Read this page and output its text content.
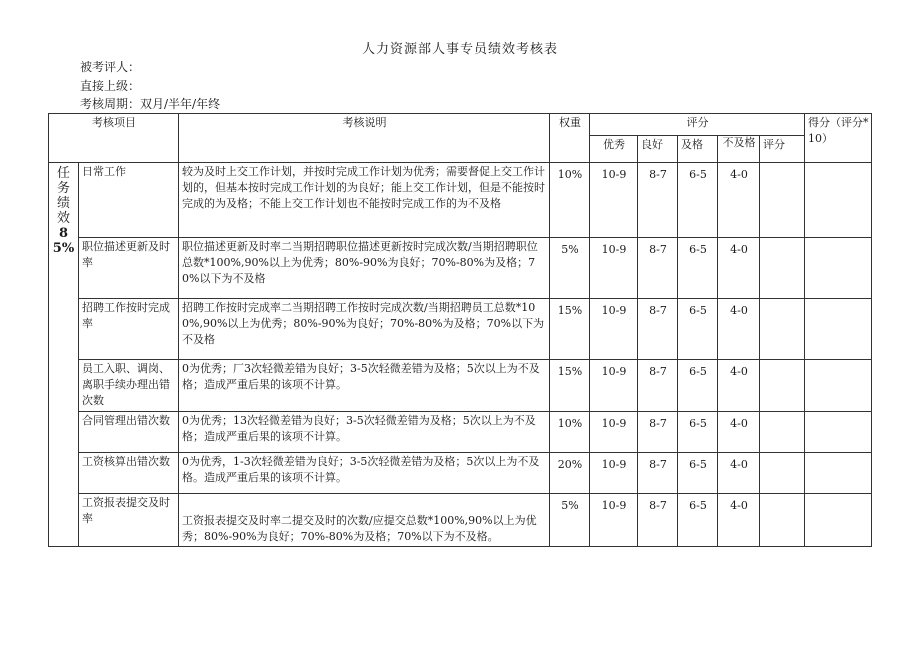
人力资源部人事专员绩效考核表
被考评人：
直接上级：
考核周期：双月/半年/年终
考核项目		考核说明	权重	评分					得分（评分*10）
				优秀	良好	及格	不及格	评分	

任
务
绩
效
85%	日常工作	较为及时上交工作计划，并按时完成工作计划为优秀；需要督促上交工作计划的，但基本按时完成工作计划的为良好；能上交工作计划，但是不能按时完成的为及格；不能上交工作计划也不能按时完成工作的为不及格	10%	10-9	8-7	6-5	4-0		
	职位描述更新及时率	职位描述更新及时率二当期招聘职位描述更新按时完成次数/当期招聘职位总数*100%,90%以上为优秀；80%-90%为良好；70%-80%为及格；70%以下为不及格	5%	10-9	8-7	6-5	4-0		
	招聘工作按时完成率	招聘工作按时完成率二当期招聘工作按时完成次数/当期招聘员工总数*100%,90%以上为优秀；80%-90%为良好；70%-80%为及格；70%以下为不及格	15%	10-9	8-7	6-5	4-0		
	员工入职、调岗、离职手续办理出错次数	0为优秀；厂3次轻微差错为良好；3-5次轻微差错为及格；5次以上为不及格；造成严重后果的该项不计算。	15%	10-9	8-7	6-5	4-0		
	合同管理出错次数	0为优秀；13次轻微差错为良好；3-5次轻微差错为及格；5次以上为不及格；造成严重后果的该项不计算。	10%	10-9	8-7	6-5	4-0		
	工资核算出错次数	0为优秀，1-3次轻微差错为良好；3-5次轻微差错为及格；5次以上为不及格。造成严重后果的该项不计算。	20%	10-9	8-7	6-5	4-0		
	工资报表提交及时率	工资报表提交及时率二提交及时的次数/应提交总数*100%,90%以上为优秀；80%-90%为良好；70%-80%为及格；70%以下为不及格。	5%	10-9	8-7	6-5	4-0		
